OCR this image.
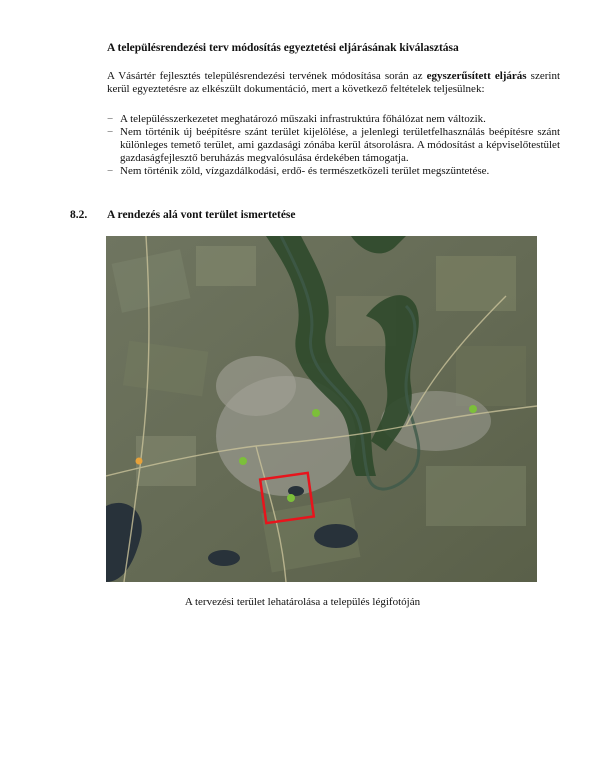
A településrendezési terv módosítás egyeztetési eljárásának kiválasztása
A Vásártér fejlesztés településrendezési tervének módosítása során az egyszerűsített eljárás szerint kerül egyeztetésre az elkészült dokumentáció, mert a következő feltételek teljesülnek:
− A településszerkezetet meghatározó műszaki infrastruktúra főhálózat nem változik.
− Nem történik új beépítésre szánt terület kijelölése, a jelenlegi területfelhasználás beépítésre szánt különleges temető terület, ami gazdasági zónába kerül átsorolásra. A módosítást a képviselőtestület gazdaságfejlesztő beruházás megvalósulása érdekében támogatja.
− Nem történik zöld, vízgazdálkodási, erdő- és természetközeli terület megszüntetése.
8.2. A rendezés alá vont terület ismertetése
A tervezési terület lehatárolása a település légifotóján
